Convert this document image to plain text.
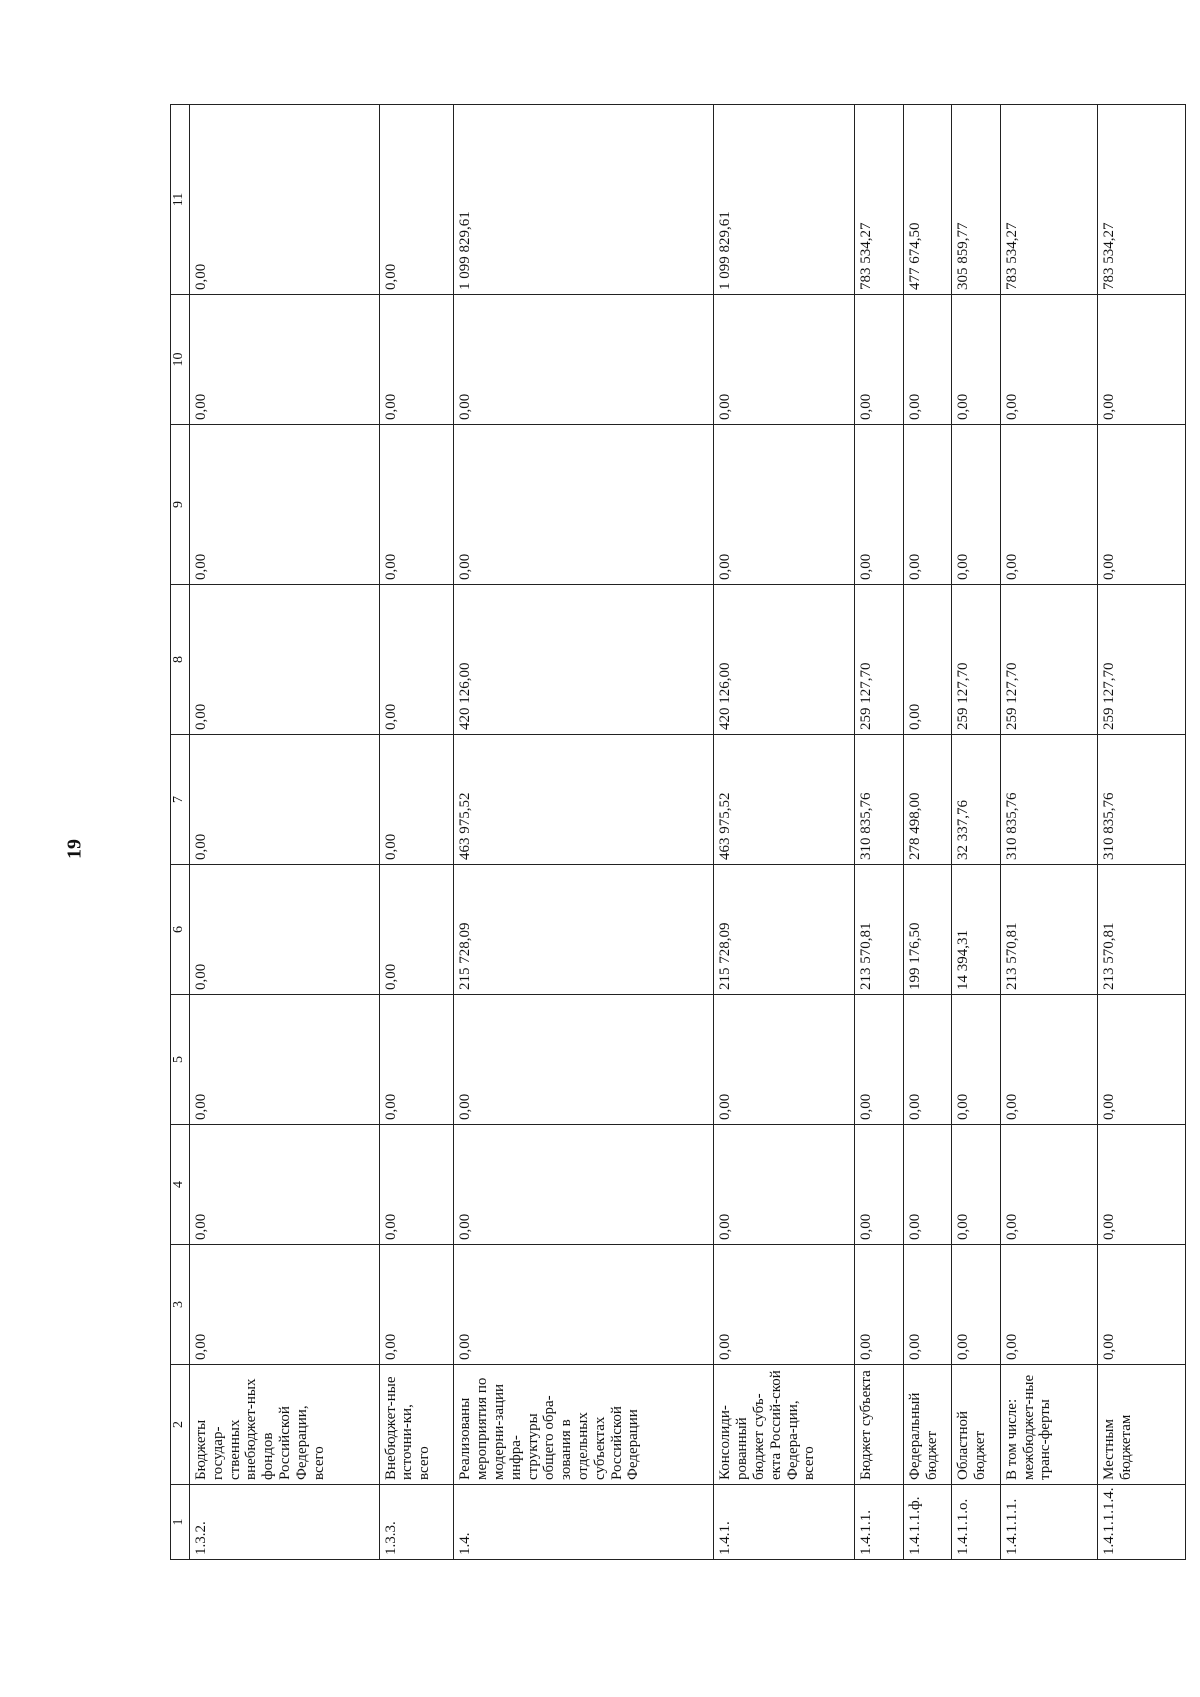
19
1	2	3	4	5	6	7	8	9	10	11
1.3.2.	Бюджеты государ-ственных внебюджет-ных фондов Российской Федерации, всего	0,00	0,00	0,00	0,00	0,00	0,00	0,00	0,00	0,00
1.3.3.	Внебюджет-ные источни-ки, всего	0,00	0,00	0,00	0,00	0,00	0,00	0,00	0,00	0,00
1.4.	Реализованы мероприятия по модерни-зации инфра-структуры общего обра-зования в отдельных субъектах Российской Федерации	0,00	0,00	0,00	215 728,09	463 975,52	420 126,00	0,00	0,00	1 099 829,61
1.4.1.	Консолиди-рованный бюджет субъ-екта Россий-ской Федера-ции, всего	0,00	0,00	0,00	215 728,09	463 975,52	420 126,00	0,00	0,00	1 099 829,61
1.4.1.1.	Бюджет субъекта	0,00	0,00	0,00	213 570,81	310 835,76	259 127,70	0,00	0,00	783 534,27
1.4.1.1.ф.	Федеральный бюджет	0,00	0,00	0,00	199 176,50	278 498,00	0,00	0,00	0,00	477 674,50
1.4.1.1.о.	Областной бюджет	0,00	0,00	0,00	14 394,31	32 337,76	259 127,70	0,00	0,00	305 859,77
1.4.1.1.1.	В том числе: межбюджет-ные транс-ферты	0,00	0,00	0,00	213 570,81	310 835,76	259 127,70	0,00	0,00	783 534,27
1.4.1.1.1.4.	Местным бюджетам	0,00	0,00	0,00	213 570,81	310 835,76	259 127,70	0,00	0,00	783 534,27
